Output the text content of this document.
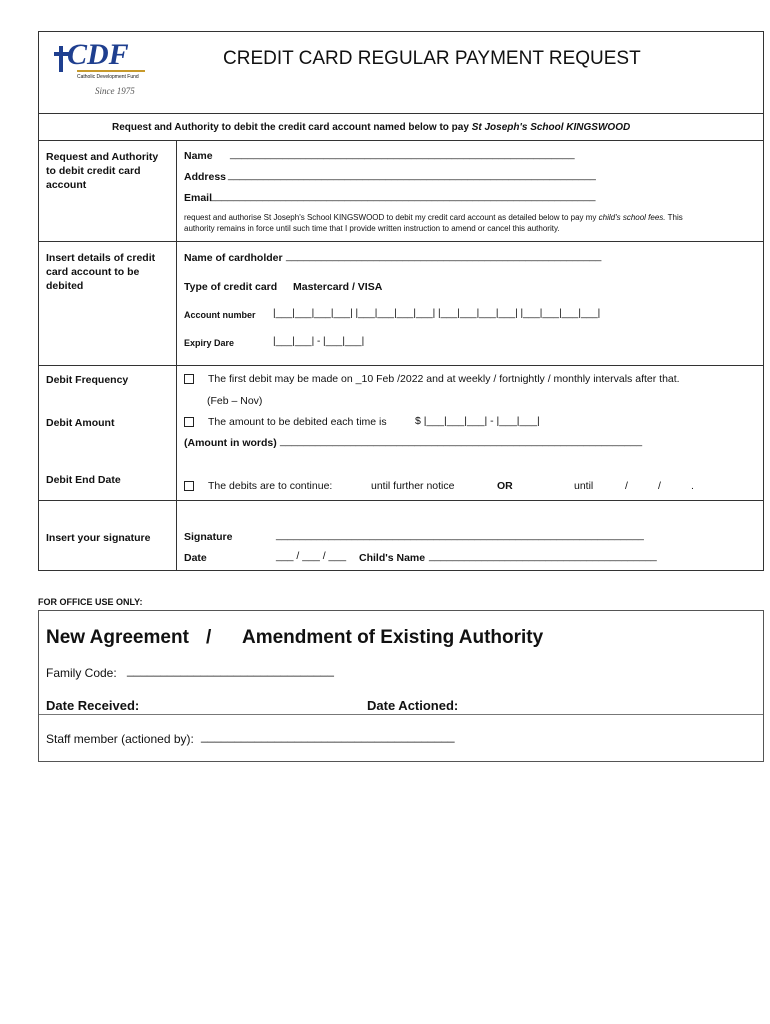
CDF
Catholic Development Fund
Since 1975
CREDIT CARD REGULAR PAYMENT REQUEST
Request and Authority to debit the credit card account named below to pay St Joseph's School KINGSWOOD
Request and Authority to debit credit card account
Name ___________________________________________________________
Address _______________________________________________________________
Email
__________________________________________________________________
request and authorise St Joseph's School KINGSWOOD to debit my credit card account as detailed below to pay my child's school fees. This
authority remains in force until such time that I provide written instruction to amend or cancel this authority.
Insert details of credit card account to be debited
Name of cardholder ______________________________________________________
Type of credit card Mastercard / VISA
Account number |___|___|___|___| |___|___|___|___| |___|___|___|___| |___|___|___|___|
Expiry Dare	|___|___| - |___|___|
Debit Frequency	The first debit may be made on _10 Feb /2022 and at weekly / fortnightly / monthly intervals after that.
(Feb – Nov)
Debit Amount	The amount to be debited each time is	$ |___|___|___| - |___|___|
(Amount in words) ______________________________________________________________
Debit End Date	The debits are to continue:	until further notice	OR	until	/	/	.
Insert your signature	Signature	_______________________________________________________________
Date	___ / ___ / ___ Child's Name _______________________________________
FOR OFFICE USE ONLY:
New Agreement / Amendment of Existing Authority
Family Code: _______________________________
Date Received:	Date Actioned:
Staff member (actioned by): ______________________________________
